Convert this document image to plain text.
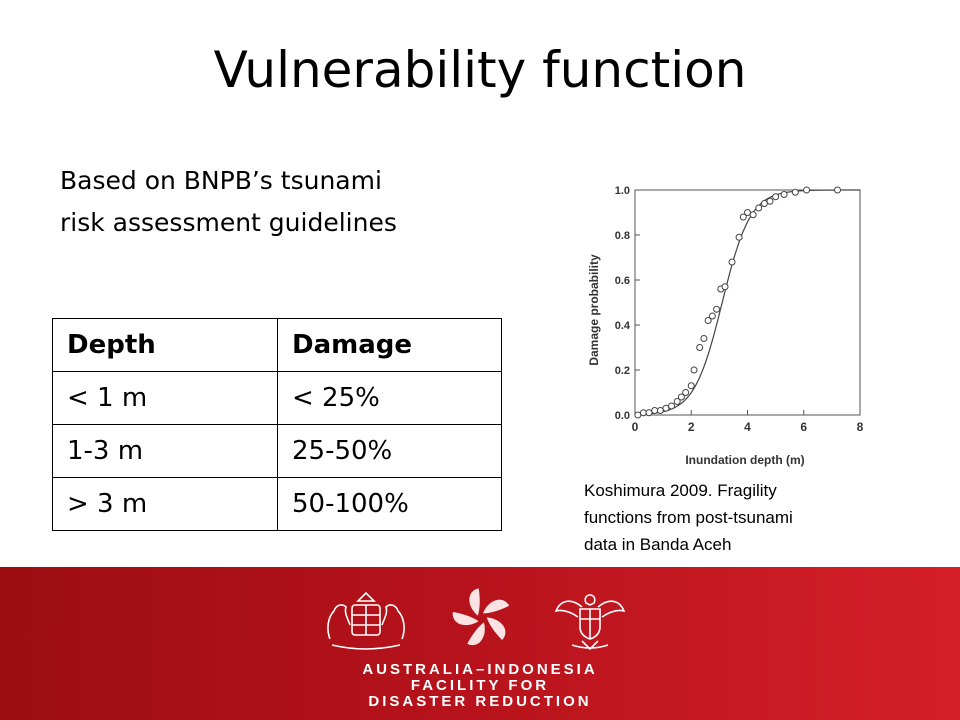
Vulnerability function
Based on BNPB’s tsunami
risk assessment guidelines
Depth	Damage
< 1 m	< 25%
1-3 m	25-50%
> 3 m	50-100%
0	2	4	6	8
0.0
0.2
0.4
0.6
0.8
1.0
Inundation depth (m)
Damage probability
Koshimura 2009. Fragility
functions from post-tsunami
data in Banda Aceh
AUSTRALIA–INDONESIA
FACILITY FOR
DISASTER REDUCTION
